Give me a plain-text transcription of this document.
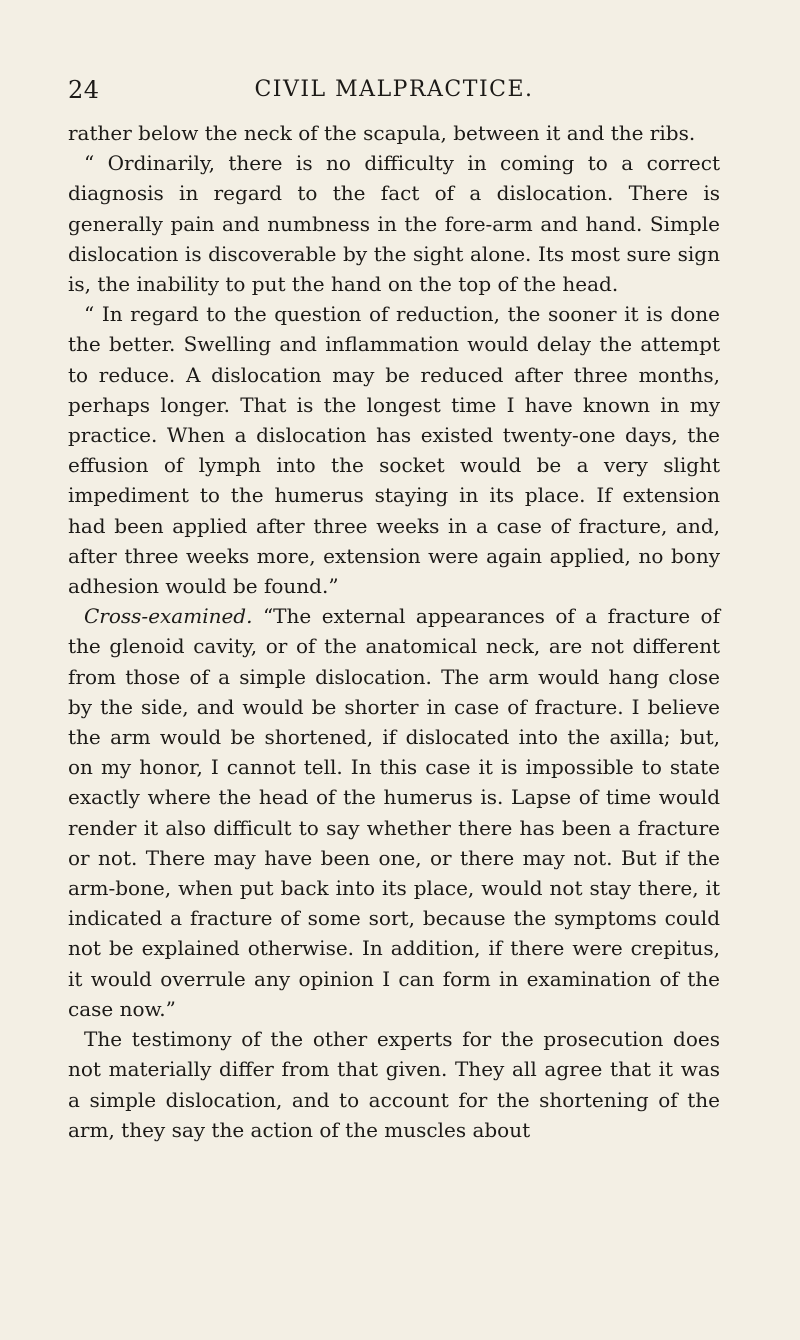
24	CIVIL MALPRACTICE.

rather below the neck of the scapula, between it and the ribs.

“ Ordinarily, there is no difficulty in coming to a correct diagnosis in regard to the fact of a dislocation. There is generally pain and numbness in the fore-arm and hand. Simple dislocation is discoverable by the sight alone. Its most sure sign is, the inability to put the hand on the top of the head.

“ In regard to the question of reduction, the sooner it is done the better. Swelling and inflammation would delay the attempt to reduce. A dislocation may be reduced after three months, perhaps longer. That is the longest time I have known in my practice. When a dislocation has existed twenty-one days, the effusion of lymph into the socket would be a very slight impediment to the humerus staying in its place. If extension had been applied after three weeks in a case of fracture, and, after three weeks more, extension were again applied, no bony adhesion would be found.”

Cross-examined. “The external appearances of a fracture of the glenoid cavity, or of the anatomical neck, are not different from those of a simple dislocation. The arm would hang close by the side, and would be shorter in case of fracture. I believe the arm would be shortened, if dislocated into the axilla; but, on my honor, I cannot tell. In this case it is impossible to state exactly where the head of the humerus is. Lapse of time would render it also difficult to say whether there has been a fracture or not. There may have been one, or there may not. But if the arm-bone, when put back into its place, would not stay there, it indicated a fracture of some sort, because the symptoms could not be explained otherwise. In addition, if there were crepitus, it would overrule any opinion I can form in examination of the case now.”

The testimony of the other experts for the prosecution does not materially differ from that given. They all agree that it was a simple dislocation, and to account for the shortening of the arm, they say the action of the muscles about
